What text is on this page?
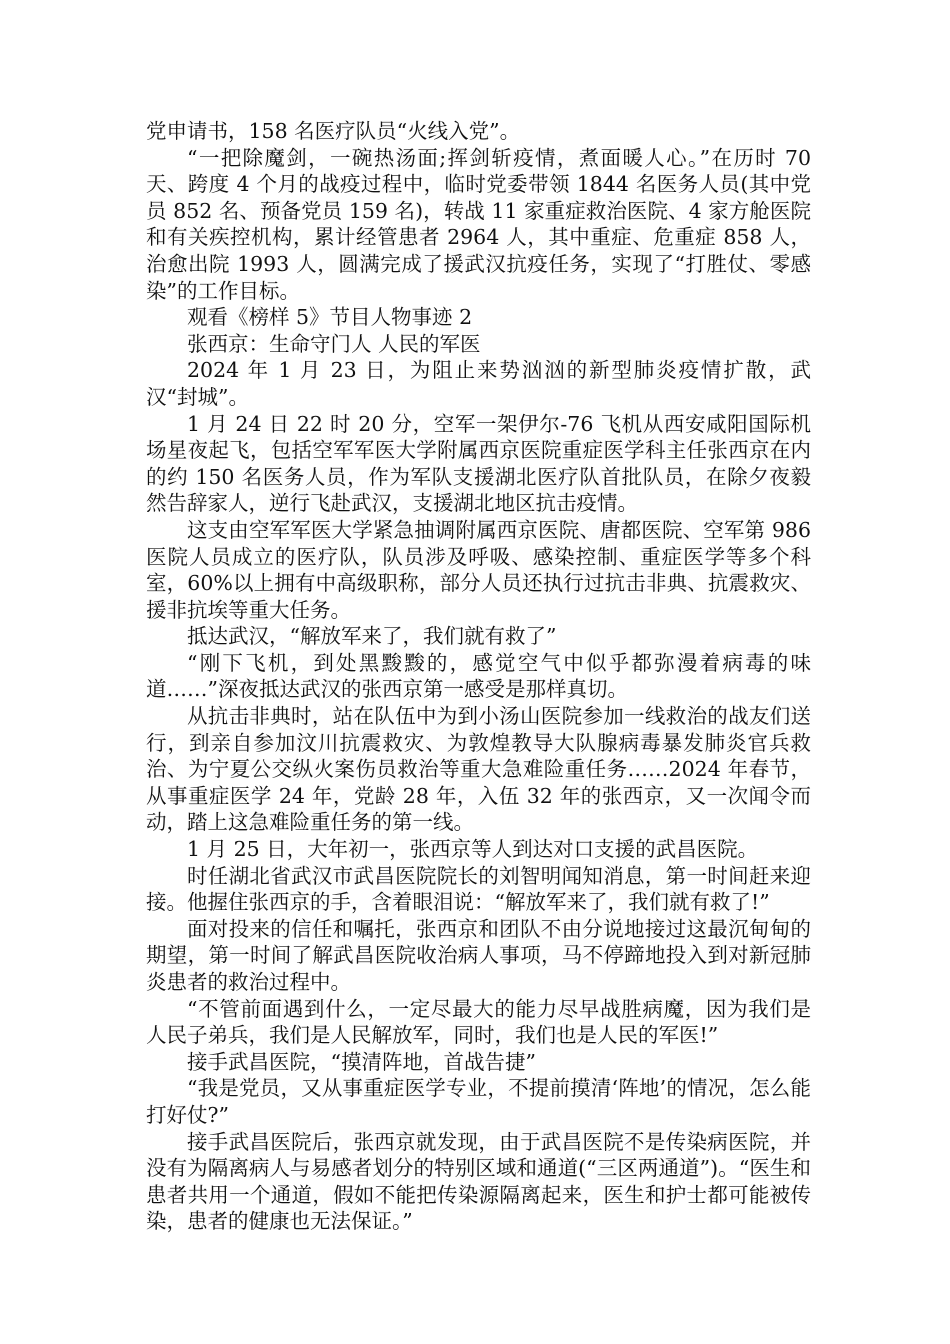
党申请书，158 名医疗队员“火线入党”。

“一把除魔剑，一碗热汤面;挥剑斩疫情，煮面暖人心。”在历时 70 天、跨度 4 个月的战疫过程中，临时党委带领 1844 名医务人员(其中党员 852 名、预备党员 159 名)，转战 11 家重症救治医院、4 家方舱医院和有关疾控机构，累计经管患者 2964 人，其中重症、危重症 858 人，治愈出院 1993 人，圆满完成了援武汉抗疫任务，实现了“打胜仗、零感染”的工作目标。

观看《榜样 5》节目人物事迹 2

张西京：生命守门人 人民的军医

2024 年 1 月 23 日，为阻止来势汹汹的新型肺炎疫情扩散，武汉“封城”。

1 月 24 日 22 时 20 分，空军一架伊尔-76 飞机从西安咸阳国际机场星夜起飞，包括空军军医大学附属西京医院重症医学科主任张西京在内的约 150 名医务人员，作为军队支援湖北医疗队首批队员，在除夕夜毅然告辞家人，逆行飞赴武汉，支援湖北地区抗击疫情。

这支由空军军医大学紧急抽调附属西京医院、唐都医院、空军第 986 医院人员成立的医疗队，队员涉及呼吸、感染控制、重症医学等多个科室，60%以上拥有中高级职称，部分人员还执行过抗击非典、抗震救灾、援非抗埃等重大任务。

抵达武汉，“解放军来了，我们就有救了”

“刚下飞机，到处黑黢黢的，感觉空气中似乎都弥漫着病毒的味道……”深夜抵达武汉的张西京第一感受是那样真切。

从抗击非典时，站在队伍中为到小汤山医院参加一线救治的战友们送行，到亲自参加汶川抗震救灾、为敦煌教导大队腺病毒暴发肺炎官兵救治、为宁夏公交纵火案伤员救治等重大急难险重任务……2024 年春节，从事重症医学 24 年，党龄 28 年，入伍 32 年的张西京，又一次闻令而动，踏上这急难险重任务的第一线。

1 月 25 日，大年初一，张西京等人到达对口支援的武昌医院。

时任湖北省武汉市武昌医院院长的刘智明闻知消息，第一时间赶来迎接。他握住张西京的手，含着眼泪说：“解放军来了，我们就有救了!”

面对投来的信任和嘱托，张西京和团队不由分说地接过这最沉甸甸的期望，第一时间了解武昌医院收治病人事项，马不停蹄地投入到对新冠肺炎患者的救治过程中。

“不管前面遇到什么，一定尽最大的能力尽早战胜病魔，因为我们是人民子弟兵，我们是人民解放军，同时，我们也是人民的军医!”

接手武昌医院，“摸清阵地，首战告捷”

“我是党员，又从事重症医学专业，不提前摸清‘阵地’的情况，怎么能打好仗?”

接手武昌医院后，张西京就发现，由于武昌医院不是传染病医院，并没有为隔离病人与易感者划分的特别区域和通道(“三区两通道”)。“医生和患者共用一个通道，假如不能把传染源隔离起来，医生和护士都可能被传染，患者的健康也无法保证。”
